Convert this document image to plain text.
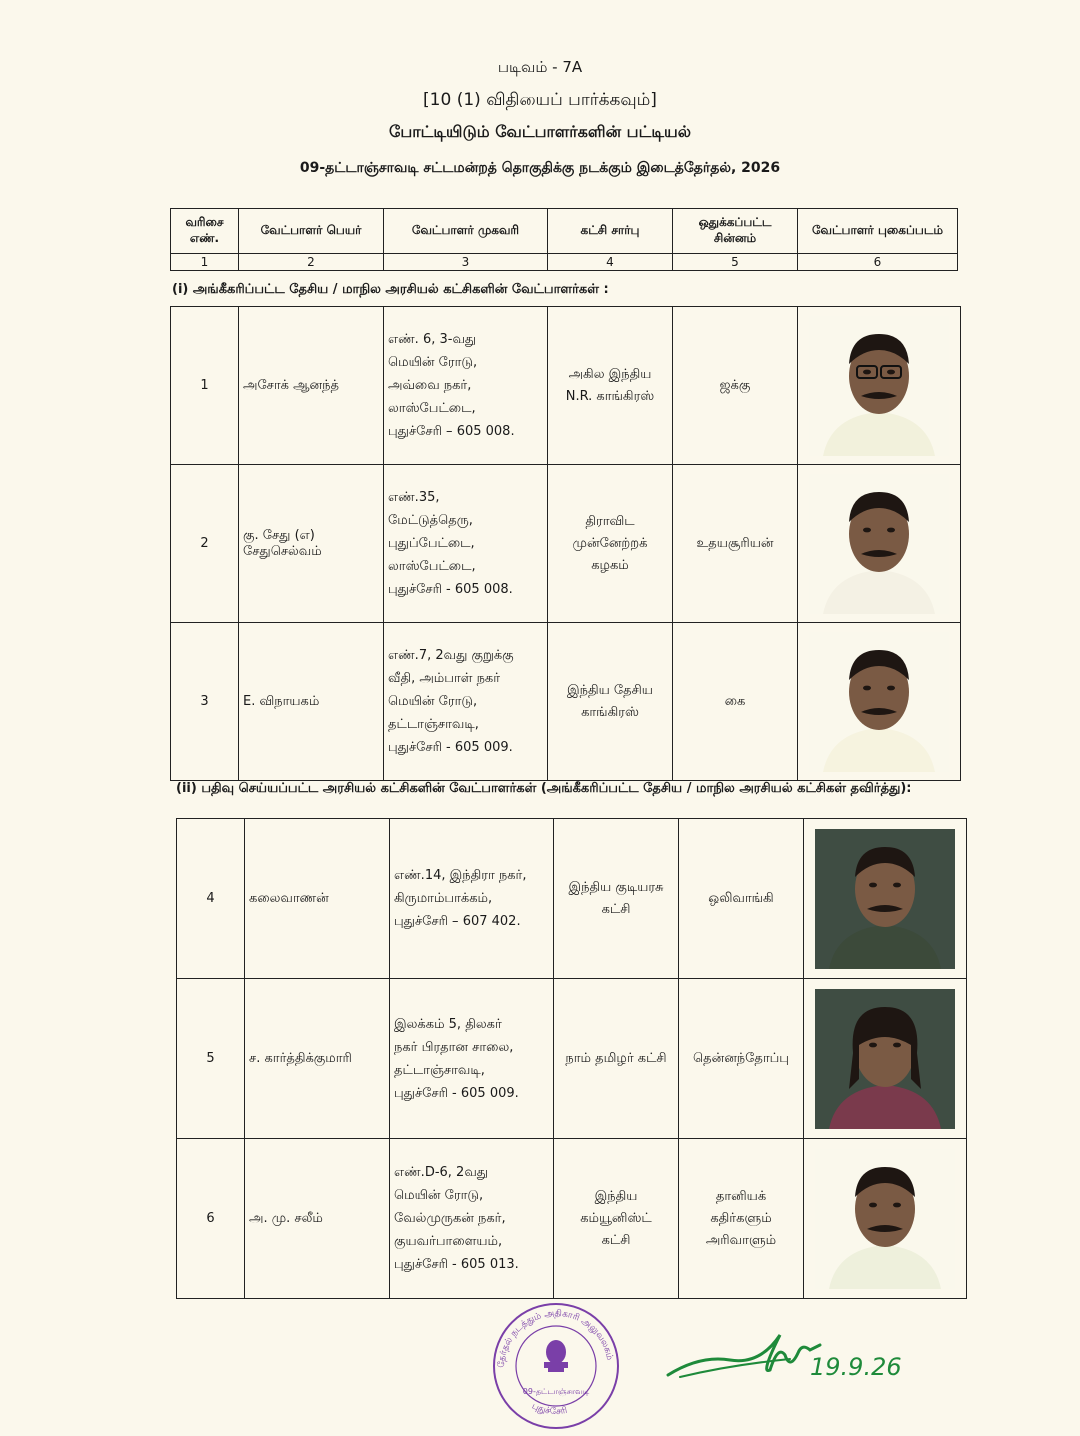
படிவம் - 7A
[10 (1) விதியைப் பார்க்கவும்]
போட்டியிடும் வேட்பாளர்களின் பட்டியல்
09-தட்டாஞ்சாவடி சட்டமன்றத் தொகுதிக்கு நடக்கும் இடைத்தேர்தல், 2026
வரிசை எண்.	வேட்பாளர் பெயர்	வேட்பாளர் முகவரி	கட்சி சார்பு	ஒதுக்கப்பட்ட சின்னம்	வேட்பாளர் புகைப்படம்
1	2	3	4	5	6
(i) அங்கீகரிப்பட்ட தேசிய / மாநில அரசியல் கட்சிகளின் வேட்பாளர்கள் :
1	அசோக் ஆனந்த்	எண். 6, 3-வது
மெயின் ரோடு,
அவ்வை நகர்,
லாஸ்பேட்டை,
புதுச்சேரி – 605 008.	அகில இந்திய
N.R. காங்கிரஸ்	ஜக்கு	

2	கு. சேது (எ)
சேதுசெல்வம்	எண்.35,
மேட்டுத்தெரு,
புதுப்பேட்டை,
லாஸ்பேட்டை,
புதுச்சேரி - 605 008.	திராவிட
முன்னேற்றக்
கழகம்	உதயசூரியன்	

3	E. விநாயகம்	எண்.7, 2வது குறுக்கு
வீதி, அம்பாள் நகர்
மெயின் ரோடு,
தட்டாஞ்சாவடி,
புதுச்சேரி - 605 009.	இந்திய தேசிய
காங்கிரஸ்	கை	
(ii) பதிவு செய்யப்பட்ட அரசியல் கட்சிகளின் வேட்பாளர்கள் (அங்கீகரிப்பட்ட தேசிய / மாநில அரசியல் கட்சிகள் தவிர்த்து):
4	கலைவாணன்	எண்.14, இந்திரா நகர்,
கிருமாம்பாக்கம்,
புதுச்சேரி – 607 402.	இந்திய குடியரசு
கட்சி	ஒலிவாங்கி	

5	ச. கார்த்திக்குமாரி	இலக்கம் 5, திலகர்
நகர் பிரதான சாலை,
தட்டாஞ்சாவடி,
புதுச்சேரி - 605 009.	நாம் தமிழர் கட்சி	தென்னந்தோப்பு	

6	அ. மு. சலீம்	எண்.D-6, 2வது
மெயின் ரோடு,
வேல்முருகன் நகர்,
குயவர்பாளையம்,
புதுச்சேரி - 605 013.	இந்திய
கம்யூனிஸ்ட்
கட்சி	தானியக்
கதிர்களும்
அரிவாளும்	
தேர்தல் நடத்தும் அதிகாரி அலுவலகம்
புதுச்சேரி
09-தட்டாஞ்சாவடி
19.9.26
